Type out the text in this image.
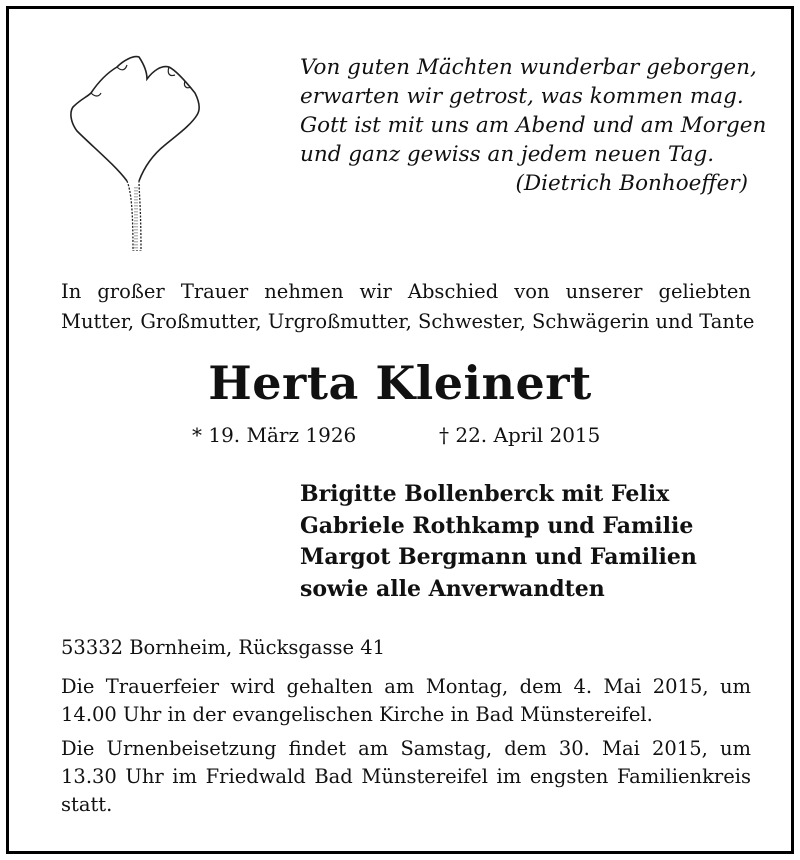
Von guten Mächten wunderbar geborgen,
erwarten wir getrost, was kommen mag.
Gott ist mit uns am Abend und am Morgen
und ganz gewiss an jedem neuen Tag.
(Dietrich Bonhoeffer)
In großer Trauer nehmen wir Abschied von unserer geliebten
Mutter, Großmutter, Urgroßmutter, Schwester, Schwägerin und Tante
Herta Kleinert
* 19. März 1926	† 22. April 2015
Brigitte Bollenberck mit Felix
Gabriele Rothkamp und Familie
Margot Bergmann und Familien
sowie alle Anverwandten
53332 Bornheim, Rücksgasse 41
Die Trauerfeier wird gehalten am Montag, dem 4. Mai 2015, um
14.00 Uhr in der evangelischen Kirche in Bad Münstereifel.
Die Urnenbeisetzung findet am Samstag, dem 30. Mai 2015, um
13.30 Uhr im Friedwald Bad Münstereifel im engsten Familienkreis
statt.
